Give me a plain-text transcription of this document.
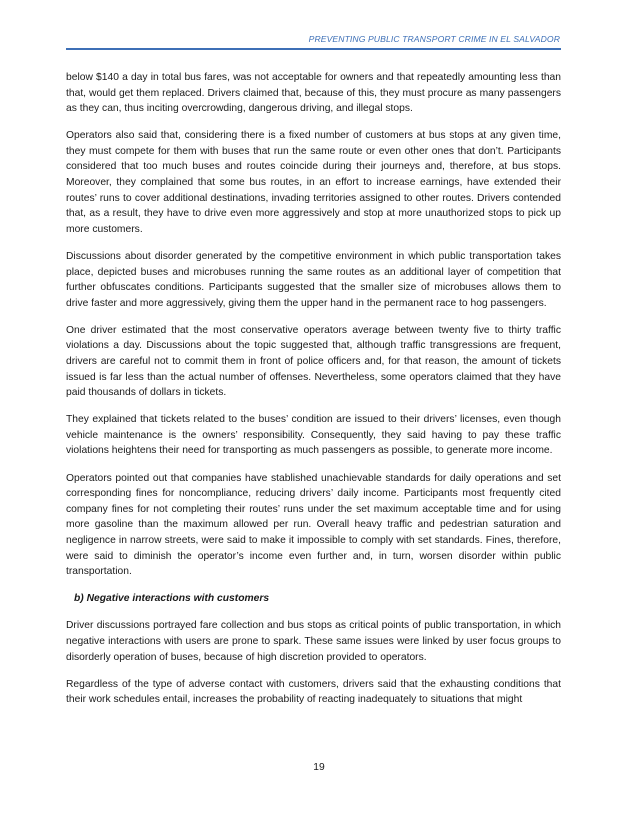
PREVENTING PUBLIC TRANSPORT CRIME IN EL SALVADOR

below $140 a day in total bus fares, was not acceptable for owners and that repeatedly amounting less than that, would get them replaced. Drivers claimed that, because of this, they must procure as many passengers as they can, thus inciting overcrowding, dangerous driving, and illegal stops.

Operators also said that, considering there is a fixed number of customers at bus stops at any given time, they must compete for them with buses that run the same route or even other ones that don’t. Participants considered that too much buses and routes coincide during their journeys and, therefore, at bus stops. Moreover, they complained that some bus routes, in an effort to increase earnings, have extended their routes’ runs to cover additional destinations, invading territories assigned to other routes. Drivers contended that, as a result, they have to drive even more aggressively and stop at more unauthorized stops to pick up more customers.

Discussions about disorder generated by the competitive environment in which public transportation takes place, depicted buses and microbuses running the same routes as an additional layer of competition that further obfuscates conditions. Participants suggested that the smaller size of microbuses allows them to drive faster and more aggressively, giving them the upper hand in the permanent race to hog passengers.

One driver estimated that the most conservative operators average between twenty five to thirty traffic violations a day. Discussions about the topic suggested that, although traffic transgressions are frequent, drivers are careful not to commit them in front of police officers and, for that reason, the amount of tickets issued is far less than the actual number of offenses. Nevertheless, some operators claimed that they have paid thousands of dollars in tickets.

They explained that tickets related to the buses’ condition are issued to their drivers’ licenses, even though vehicle maintenance is the owners’ responsibility. Consequently, they said having to pay these traffic violations heightens their need for transporting as much passengers as possible, to generate more income.

Operators pointed out that companies have stablished unachievable standards for daily operations and set corresponding fines for noncompliance, reducing drivers’ daily income. Participants most frequently cited company fines for not completing their routes’ runs under the set maximum acceptable time and for using more gasoline than the maximum allowed per run. Overall heavy traffic and pedestrian saturation and negligence in narrow streets, were said to make it impossible to comply with set standards. Fines, therefore, were said to diminish the operator’s income even further and, in turn, worsen disorder within public transportation.

b) Negative interactions with customers

Driver discussions portrayed fare collection and bus stops as critical points of public transportation, in which negative interactions with users are prone to spark. These same issues were linked by user focus groups to disorderly operation of buses, because of high discretion provided to operators.

Regardless of the type of adverse contact with customers, drivers said that the exhausting conditions that their work schedules entail, increases the probability of reacting inadequately to situations that might

19
